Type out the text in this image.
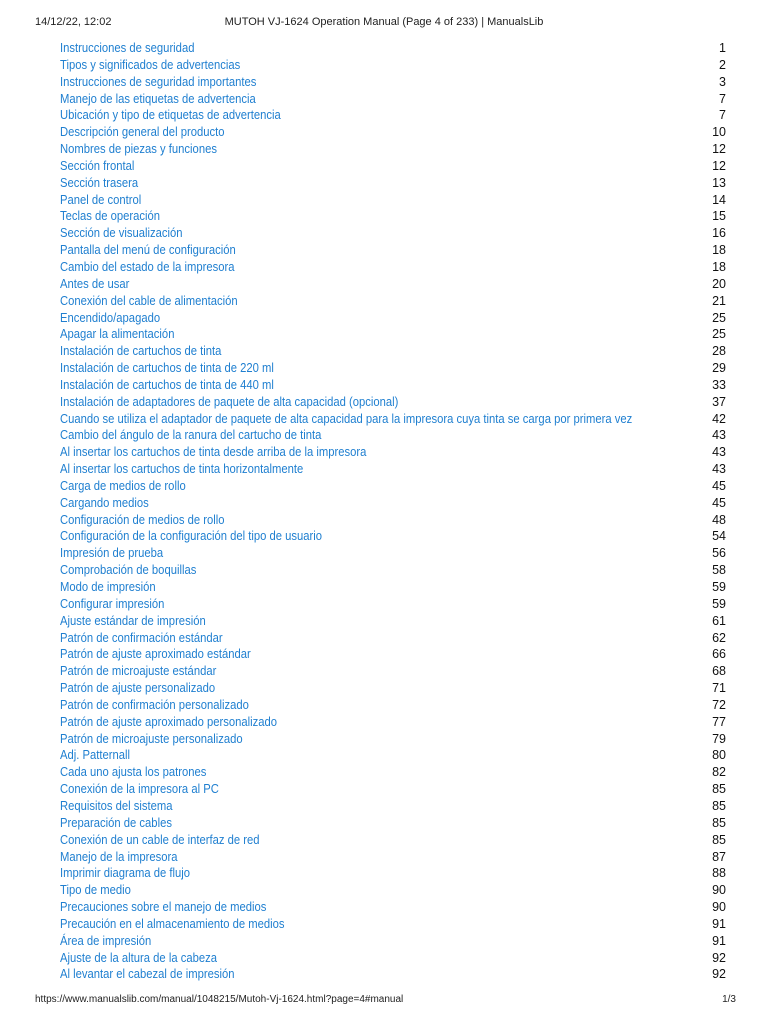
14/12/22, 12:02	MUTOH VJ-1624 Operation Manual (Page 4 of 233) | ManualsLib
Instrucciones de seguridad	1
Tipos y significados de advertencias	2
Instrucciones de seguridad importantes	3
Manejo de las etiquetas de advertencia	7
Ubicación y tipo de etiquetas de advertencia	7
Descripción general del producto	10
Nombres de piezas y funciones	12
Sección frontal	12
Sección trasera	13
Panel de control	14
Teclas de operación	15
Sección de visualización	16
Pantalla del menú de configuración	18
Cambio del estado de la impresora	18
Antes de usar	20
Conexión del cable de alimentación	21
Encendido/apagado	25
Apagar la alimentación	25
Instalación de cartuchos de tinta	28
Instalación de cartuchos de tinta de 220 ml	29
Instalación de cartuchos de tinta de 440 ml	33
Instalación de adaptadores de paquete de alta capacidad (opcional)	37
Cuando se utiliza el adaptador de paquete de alta capacidad para la impresora cuya tinta se carga por primera vez	42
Cambio del ángulo de la ranura del cartucho de tinta	43
Al insertar los cartuchos de tinta desde arriba de la impresora	43
Al insertar los cartuchos de tinta horizontalmente	43
Carga de medios de rollo	45
Cargando medios	45
Configuración de medios de rollo	48
Configuración de la configuración del tipo de usuario	54
Impresión de prueba	56
Comprobación de boquillas	58
Modo de impresión	59
Configurar impresión	59
Ajuste estándar de impresión	61
Patrón de confirmación estándar	62
Patrón de ajuste aproximado estándar	66
Patrón de microajuste estándar	68
Patrón de ajuste personalizado	71
Patrón de confirmación personalizado	72
Patrón de ajuste aproximado personalizado	77
Patrón de microajuste personalizado	79
Adj. Patternall	80
Cada uno ajusta los patrones	82
Conexión de la impresora al PC	85
Requisitos del sistema	85
Preparación de cables	85
Conexión de un cable de interfaz de red	85
Manejo de la impresora	87
Imprimir diagrama de flujo	88
Tipo de medio	90
Precauciones sobre el manejo de medios	90
Precaución en el almacenamiento de medios	91
Área de impresión	91
Ajuste de la altura de la cabeza	92
Al levantar el cabezal de impresión	92
https://www.manualslib.com/manual/1048215/Mutoh-Vj-1624.html?page=4#manual	1/3
